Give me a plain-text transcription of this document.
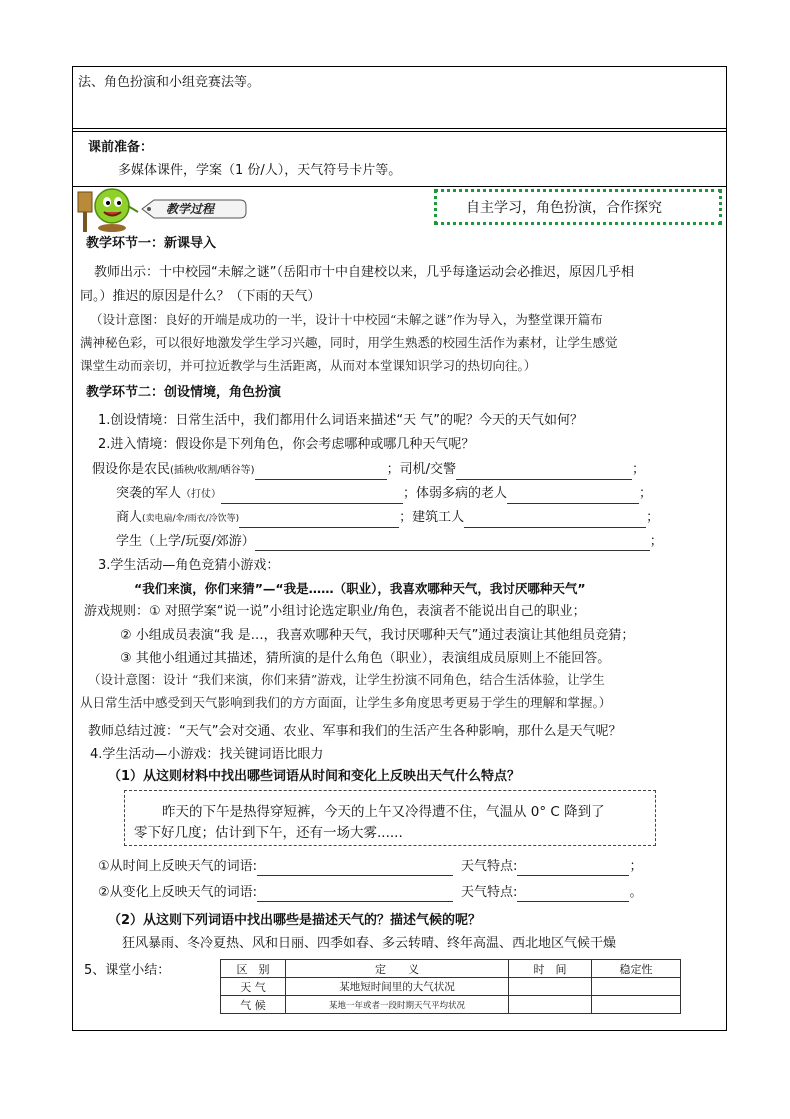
法、角色扮演和小组竞赛法等。
课前准备：
多媒体课件，学案（1 份/人），天气符号卡片等。
教学过程	自主学习，角色扮演，合作探究
教学环节一：新课导入
教师出示：十中校园“未解之谜”（岳阳市十中自建校以来，几乎每逢运动会必推迟，原因几乎相
同。）推迟的原因是什么？（下雨的天气）
（设计意图：良好的开端是成功的一半，设计十中校园“未解之谜”作为导入，为整堂课开篇布
满神秘色彩，可以很好地激发学生学习兴趣，同时，用学生熟悉的校园生活作为素材，让学生感觉
课堂生动而亲切，并可拉近教学与生活距离，从而对本堂课知识学习的热切向往。）
教学环节二：创设情境，角色扮演
1.创设情境：日常生活中，我们都用什么词语来描述“天 气”的呢？今天的天气如何？
2.进入情境：假设你是下列角色，你会考虑哪种或哪几种天气呢？
假设你是农民(插秧/收割/晒谷等)	；司机/交警	；
突袭的军人（打仗）	；体弱多病的老人	；
商人(卖电扇/伞/雨衣/冷饮等)	；建筑工人	；
学生（上学/玩耍/郊游）	；
3.学生活动—角色竞猜小游戏：
“我们来演，你们来猜”—“我是……（职业），我喜欢哪种天气，我讨厌哪种天气”
游戏规则：① 对照学案“说一说”小组讨论选定职业/角色，表演者不能说出自己的职业；
② 小组成员表演“我 是…，我喜欢哪种天气，我讨厌哪种天气”通过表演让其他组员竞猜；
③ 其他小组通过其描述，猜所演的是什么角色（职业），表演组成员原则上不能回答。
（设计意图：设计 “我们来演，你们来猜”游戏，让学生扮演不同角色，结合生活体验，让学生
从日常生活中感受到天气影响到我们的方方面面，让学生多角度思考更易于学生的理解和掌握。）
教师总结过渡：“天气”会对交通、农业、军事和我们的生活产生各种影响，那什么是天气呢？
4.学生活动—小游戏：找关键词语比眼力
（1）从这则材料中找出哪些词语从时间和变化上反映出天气什么特点？
昨天的下午是热得穿短裤，今天的上午又冷得遭不住，气温从 0° C 降到了
零下好几度；估计到下午，还有一场大雾......
①从时间上反映天气的词语:	天气特点:	；
②从变化上反映天气的词语:	天气特点:	。
（2）从这则下列词语中找出哪些是描述天气的？描述气候的呢？
狂风暴雨、冬冷夏热、风和日丽、四季如春、多云转晴、终年高温、西北地区气候干燥
5、课堂小结：	区　别	定　　义	时　间	稳定性
天 气	某地短时间里的大气状况		
气 候	某地一年或者一段时期天气平均状况		
